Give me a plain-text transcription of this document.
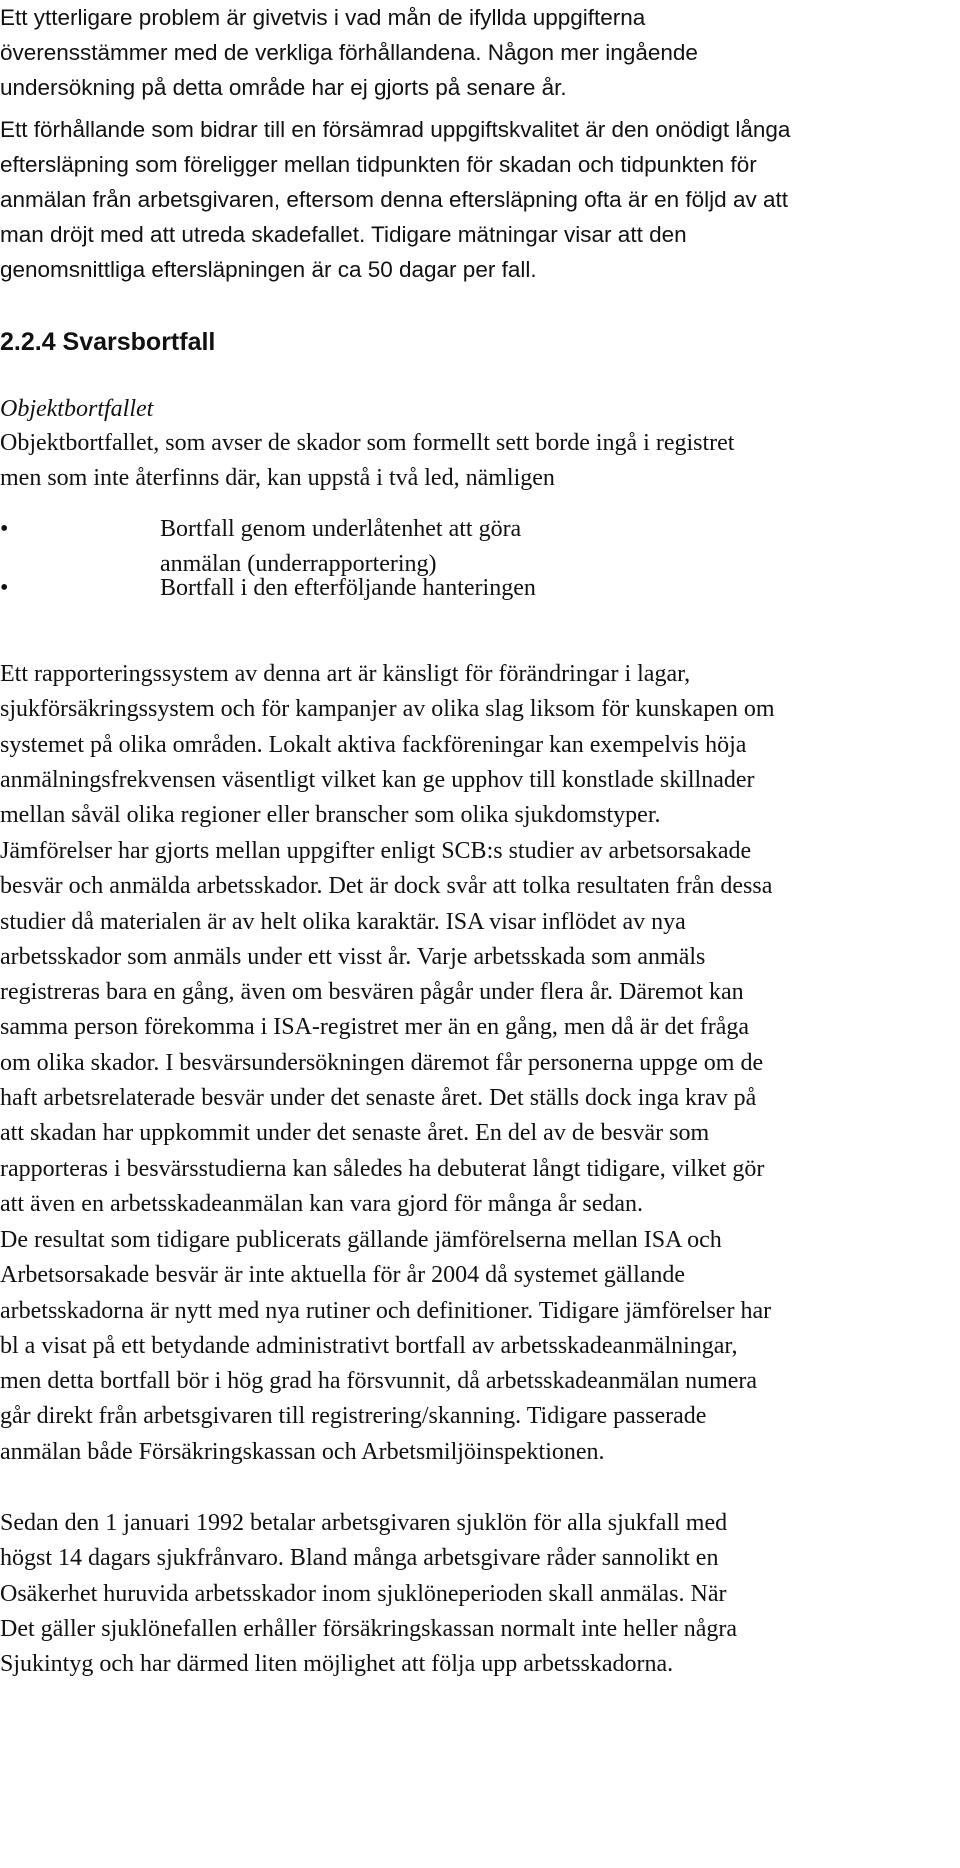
Ett ytterligare problem är givetvis i vad mån de ifyllda uppgifterna
överensstämmer med de verkliga förhållandena. Någon mer ingående
undersökning på detta område har ej gjorts på senare år.
Ett förhållande som bidrar till en försämrad uppgiftskvalitet är den onödigt långa
eftersläpning som föreligger mellan tidpunkten för skadan och tidpunkten för
anmälan från arbetsgivaren, eftersom denna eftersläpning ofta är en följd av att
man dröjt med att utreda skadefallet. Tidigare mätningar visar att den
genomsnittliga eftersläpningen är ca 50 dagar per fall.
2.2.4 Svarsbortfall
Objektbortfallet
Objektbortfallet, som avser de skador som formellt sett borde ingå i registret
men som inte återfinns där, kan uppstå i två led, nämligen
•	Bortfall genom underlåtenhet att göra
anmälan (underrapportering)
•	Bortfall i den efterföljande hanteringen
Ett rapporteringssystem av denna art är känsligt för förändringar i lagar,
sjukförsäkringssystem och för kampanjer av olika slag liksom för kunskapen om
systemet på olika områden. Lokalt aktiva fackföreningar kan exempelvis höja
anmälningsfrekvensen väsentligt vilket kan ge upphov till konstlade skillnader
mellan såväl olika regioner eller branscher som olika sjukdomstyper.
Jämförelser har gjorts mellan uppgifter enligt SCB:s studier av arbetsorsakade
besvär och anmälda arbetsskador. Det är dock svår att tolka resultaten från dessa
studier då materialen är av helt olika karaktär. ISA visar inflödet av nya
arbetsskador som anmäls under ett visst år. Varje arbetsskada som anmäls
registreras bara en gång, även om besvären pågår under flera år. Däremot kan
samma person förekomma i ISA-registret mer än en gång, men då är det fråga
om olika skador. I besvärsundersökningen däremot får personerna uppge om de
haft arbetsrelaterade besvär under det senaste året. Det ställs dock inga krav på
att skadan har uppkommit under det senaste året. En del av de besvär som
rapporteras i besvärsstudierna kan således ha debuterat långt tidigare, vilket gör
att även en arbetsskadeanmälan kan vara gjord för många år sedan.
De resultat som tidigare publicerats gällande jämförelserna mellan ISA och
Arbetsorsakade besvär är inte aktuella för år 2004 då systemet gällande
arbetsskadorna är nytt med nya rutiner och definitioner. Tidigare jämförelser har
bl a visat på ett betydande administrativt bortfall av arbetsskadeanmälningar,
men detta bortfall bör i hög grad ha försvunnit, då arbetsskadeanmälan numera
går direkt från arbetsgivaren till registrering/skanning. Tidigare passerade
anmälan både Försäkringskassan och Arbetsmiljöinspektionen.
Sedan den 1 januari 1992 betalar arbetsgivaren sjuklön för alla sjukfall med
högst 14 dagars sjukfrånvaro. Bland många arbetsgivare råder sannolikt en
Osäkerhet huruvida arbetsskador inom sjuklöneperioden skall anmälas. När
Det gäller sjuklönefallen erhåller försäkringskassan normalt inte heller några
Sjukintyg och har därmed liten möjlighet att följa upp arbetsskadorna.
